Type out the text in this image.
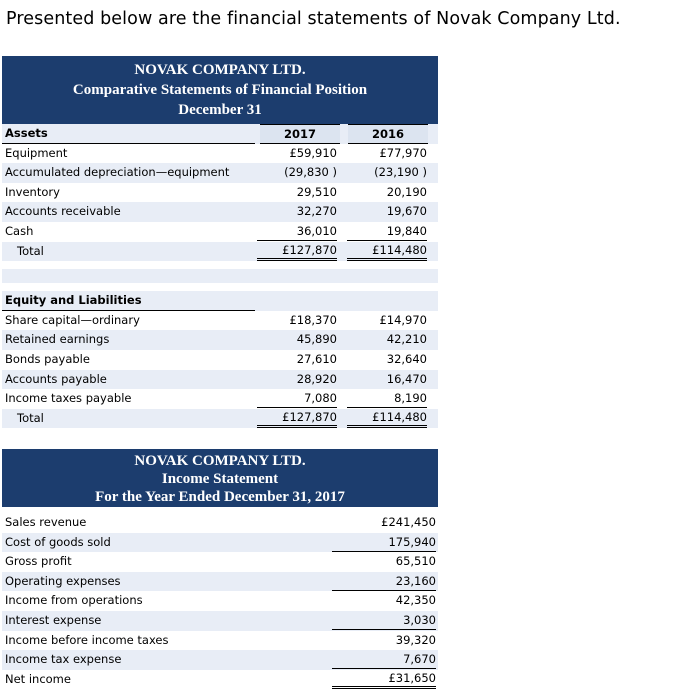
Presented below are the financial statements of Novak Company Ltd.
NOVAK COMPANY LTD.
Comparative Statements of Financial Position
December 31
Assets	2017	2016
Equipment	£59,910	£77,970
Accumulated depreciation—equipment	(29,830 )	(23,190 )
Inventory	29,510	20,190
Accounts receivable	32,270	19,670
Cash	36,010	19,840
Total	£127,870	£114,480
Equity and Liabilities
Share capital—ordinary	£18,370	£14,970
Retained earnings	45,890	42,210
Bonds payable	27,610	32,640
Accounts payable	28,920	16,470
Income taxes payable	7,080	8,190
Total	£127,870	£114,480
NOVAK COMPANY LTD.
Income Statement
For the Year Ended December 31, 2017
Sales revenue	£241,450
Cost of goods sold	175,940
Gross profit	65,510
Operating expenses	23,160
Income from operations	42,350
Interest expense	3,030
Income before income taxes	39,320
Income tax expense	7,670
Net income	£31,650
